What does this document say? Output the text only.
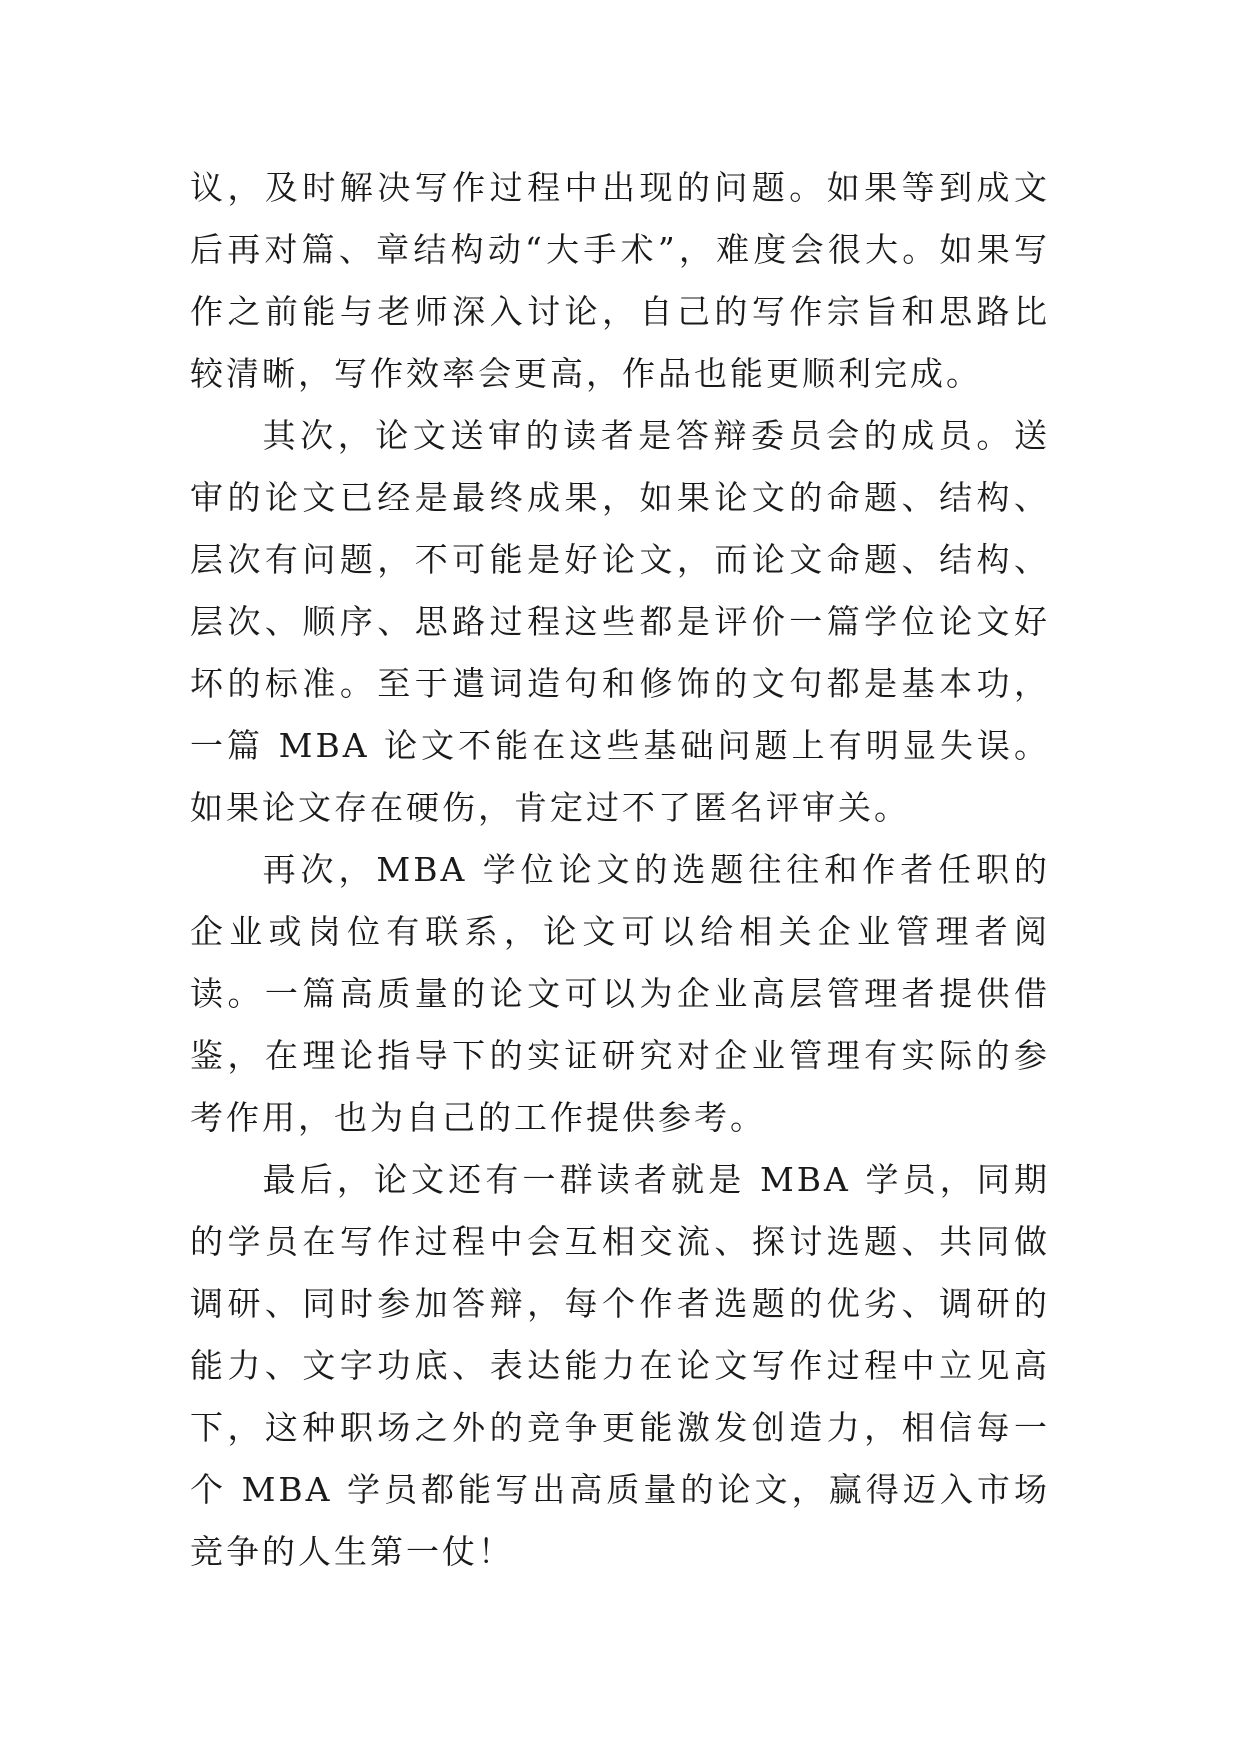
议，及时解决写作过程中出现的问题。如果等到成文后再对篇、章结构动“大手术”，难度会很大。如果写作之前能与老师深入讨论，自己的写作宗旨和思路比较清晰，写作效率会更高，作品也能更顺利完成。

其次，论文送审的读者是答辩委员会的成员。送审的论文已经是最终成果，如果论文的命题、结构、层次有问题，不可能是好论文，而论文命题、结构、层次、顺序、思路过程这些都是评价一篇学位论文好坏的标准。至于遣词造句和修饰的文句都是基本功，一篇 MBA 论文不能在这些基础问题上有明显失误。如果论文存在硬伤，肯定过不了匿名评审关。

再次，MBA 学位论文的选题往往和作者任职的企业或岗位有联系，论文可以给相关企业管理者阅读。一篇高质量的论文可以为企业高层管理者提供借鉴，在理论指导下的实证研究对企业管理有实际的参考作用，也为自己的工作提供参考。

最后，论文还有一群读者就是 MBA 学员，同期的学员在写作过程中会互相交流、探讨选题、共同做调研、同时参加答辩，每个作者选题的优劣、调研的能力、文字功底、表达能力在论文写作过程中立见高下，这种职场之外的竞争更能激发创造力，相信每一个 MBA 学员都能写出高质量的论文，赢得迈入市场竞争的人生第一仗！
